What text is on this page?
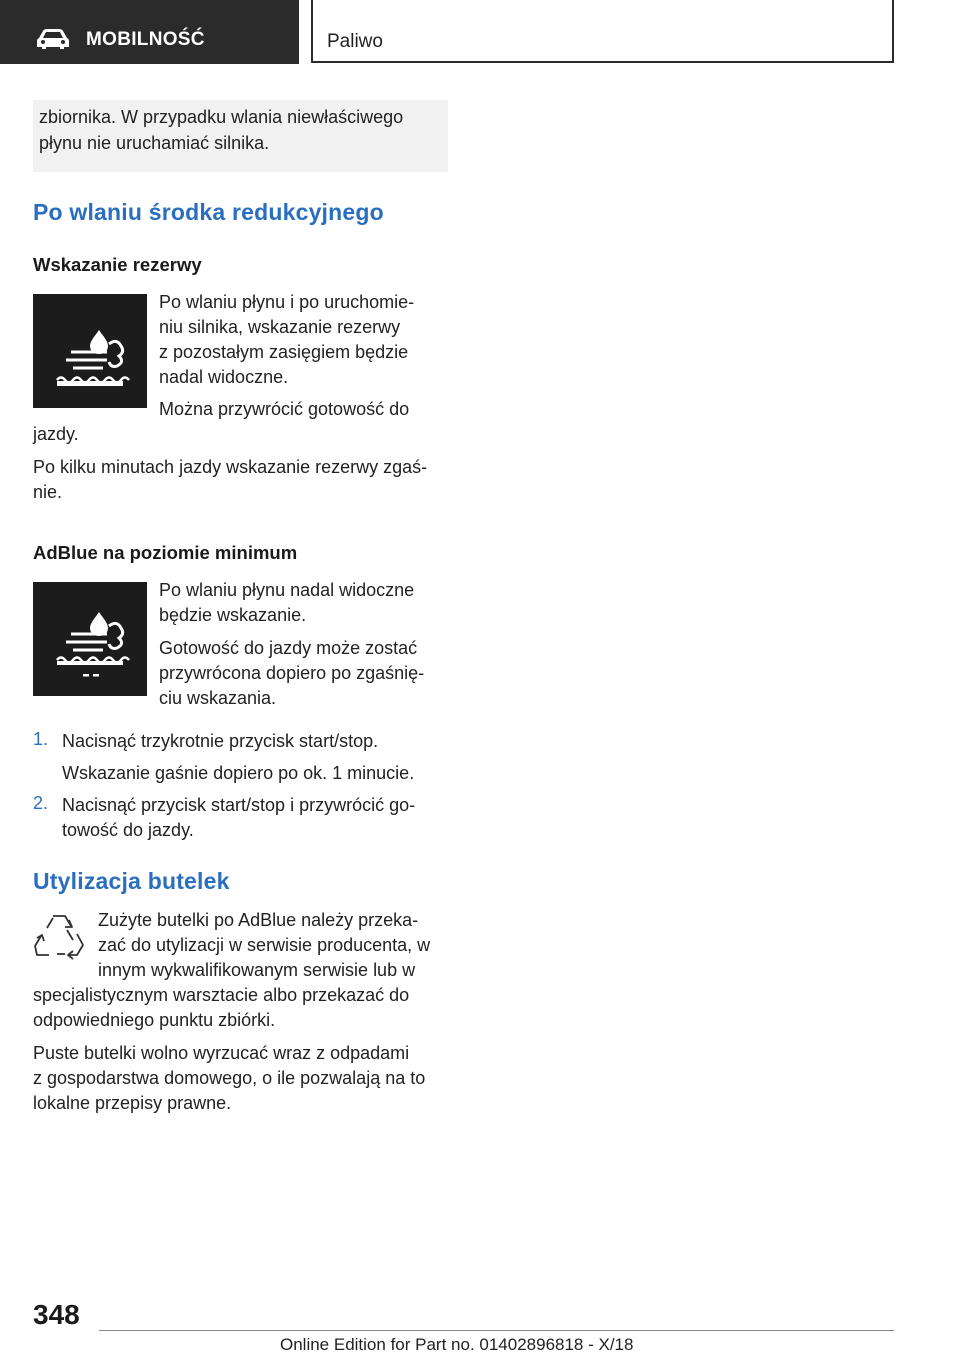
MOBILNOŚĆ	Paliwo
zbiornika. W przypadku wlania niewłaściwego
płynu nie uruchamiać silnika.
Po wlaniu środka redukcyjnego
Wskazanie rezerwy

Po wlaniu płynu i po uruchomie-

niu silnika, wskazanie rezerwy

z pozostałym zasięgiem będzie

nadal widoczne.

Można przywrócić gotowość do

jazdy.

Po kilku minutach jazdy wskazanie rezerwy zgaś-

nie.

AdBlue na poziomie minimum

Po wlaniu płynu nadal widoczne

będzie wskazanie.

Gotowość do jazdy może zostać

przywrócona dopiero po zgaśnię-

ciu wskazania.

1. Nacisnąć trzykrotnie przycisk start/stop.

Wskazanie gaśnie dopiero po ok. 1 minucie.

2. Nacisnąć przycisk start/stop i przywrócić go-

towość do jazdy.

Utylizacja butelek

Zużyte butelki po AdBlue należy przeka-

zać do utylizacji w serwisie producenta, w

innym wykwalifikowanym serwisie lub w

specjalistycznym warsztacie albo przekazać do

odpowiedniego punktu zbiórki.

Puste butelki wolno wyrzucać wraz z odpadami

z gospodarstwa domowego, o ile pozwalają na to

lokalne przepisy prawne.

348
Online Edition for Part no. 01402896818 - X/18
